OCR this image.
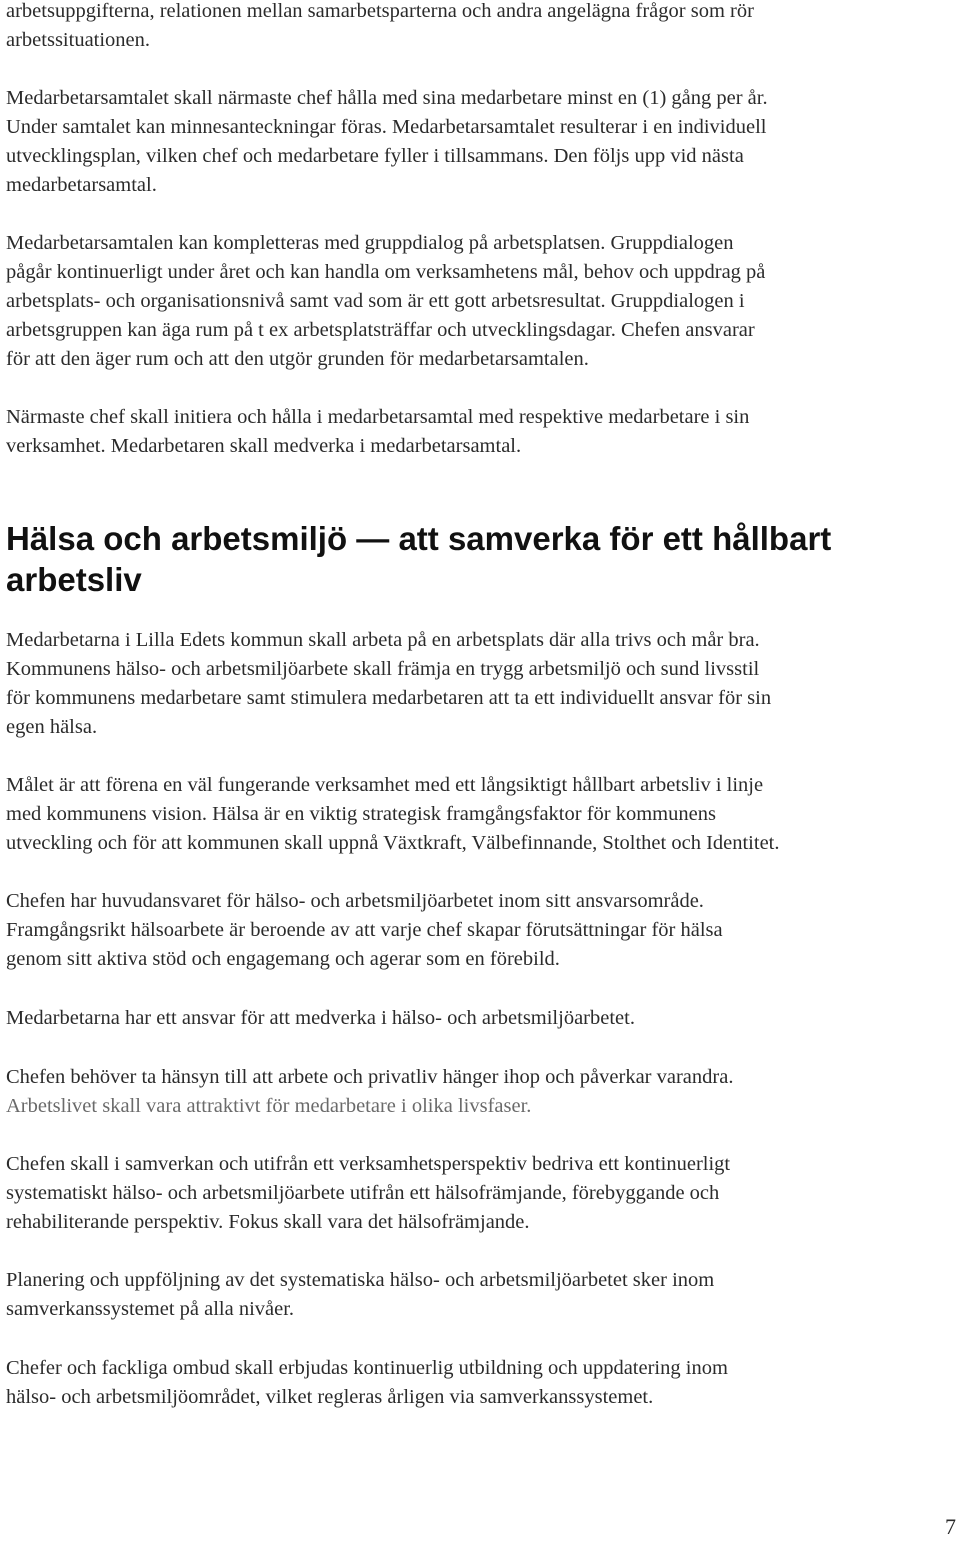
arbetsuppgifterna, relationen mellan samarbetsparterna och andra angelägna frågor som rör
arbetssituationen.

Medarbetarsamtalet skall närmaste chef hålla med sina medarbetare minst en (1) gång per år.
Under samtalet kan minnesanteckningar föras. Medarbetarsamtalet resulterar i en individuell
utvecklingsplan, vilken chef och medarbetare fyller i tillsammans. Den följs upp vid nästa
medarbetarsamtal.

Medarbetarsamtalen kan kompletteras med gruppdialog på arbetsplatsen. Gruppdialogen
pågår kontinuerligt under året och kan handla om verksamhetens mål, behov och uppdrag på
arbetsplats- och organisationsnivå samt vad som är ett gott arbetsresultat. Gruppdialogen i
arbetsgruppen kan äga rum på t ex arbetsplatsträffar och utvecklingsdagar. Chefen ansvarar
för att den äger rum och att den utgör grunden för medarbetarsamtalen.

Närmaste chef skall initiera och hålla i medarbetarsamtal med respektive medarbetare i sin
verksamhet. Medarbetaren skall medverka i medarbetarsamtal.

Hälsa och arbetsmiljö — att samverka för ett hållbart
arbetsliv

Medarbetarna i Lilla Edets kommun skall arbeta på en arbetsplats där alla trivs och mår bra.
Kommunens hälso- och arbetsmiljöarbete skall främja en trygg arbetsmiljö och sund livsstil
för kommunens medarbetare samt stimulera medarbetaren att ta ett individuellt ansvar för sin
egen hälsa.

Målet är att förena en väl fungerande verksamhet med ett långsiktigt hållbart arbetsliv i linje
med kommunens vision. Hälsa är en viktig strategisk framgångsfaktor för kommunens
utveckling och för att kommunen skall uppnå Växtkraft, Välbefinnande, Stolthet och Identitet.

Chefen har huvudansvaret för hälso- och arbetsmiljöarbetet inom sitt ansvarsområde.
Framgångsrikt hälsoarbete är beroende av att varje chef skapar förutsättningar för hälsa
genom sitt aktiva stöd och engagemang och agerar som en förebild.

Medarbetarna har ett ansvar för att medverka i hälso- och arbetsmiljöarbetet.

Chefen behöver ta hänsyn till att arbete och privatliv hänger ihop och påverkar varandra.

Arbetslivet skall vara attraktivt för medarbetare i olika livsfaser.

Chefen skall i samverkan och utifrån ett verksamhetsperspektiv bedriva ett kontinuerligt
systematiskt hälso- och arbetsmiljöarbete utifrån ett hälsofrämjande, förebyggande och
rehabiliterande perspektiv. Fokus skall vara det hälsofrämjande.

Planering och uppföljning av det systematiska hälso- och arbetsmiljöarbetet sker inom
samverkanssystemet på alla nivåer.

Chefer och fackliga ombud skall erbjudas kontinuerlig utbildning och uppdatering inom
hälso- och arbetsmiljöområdet, vilket regleras årligen via samverkanssystemet.

7
